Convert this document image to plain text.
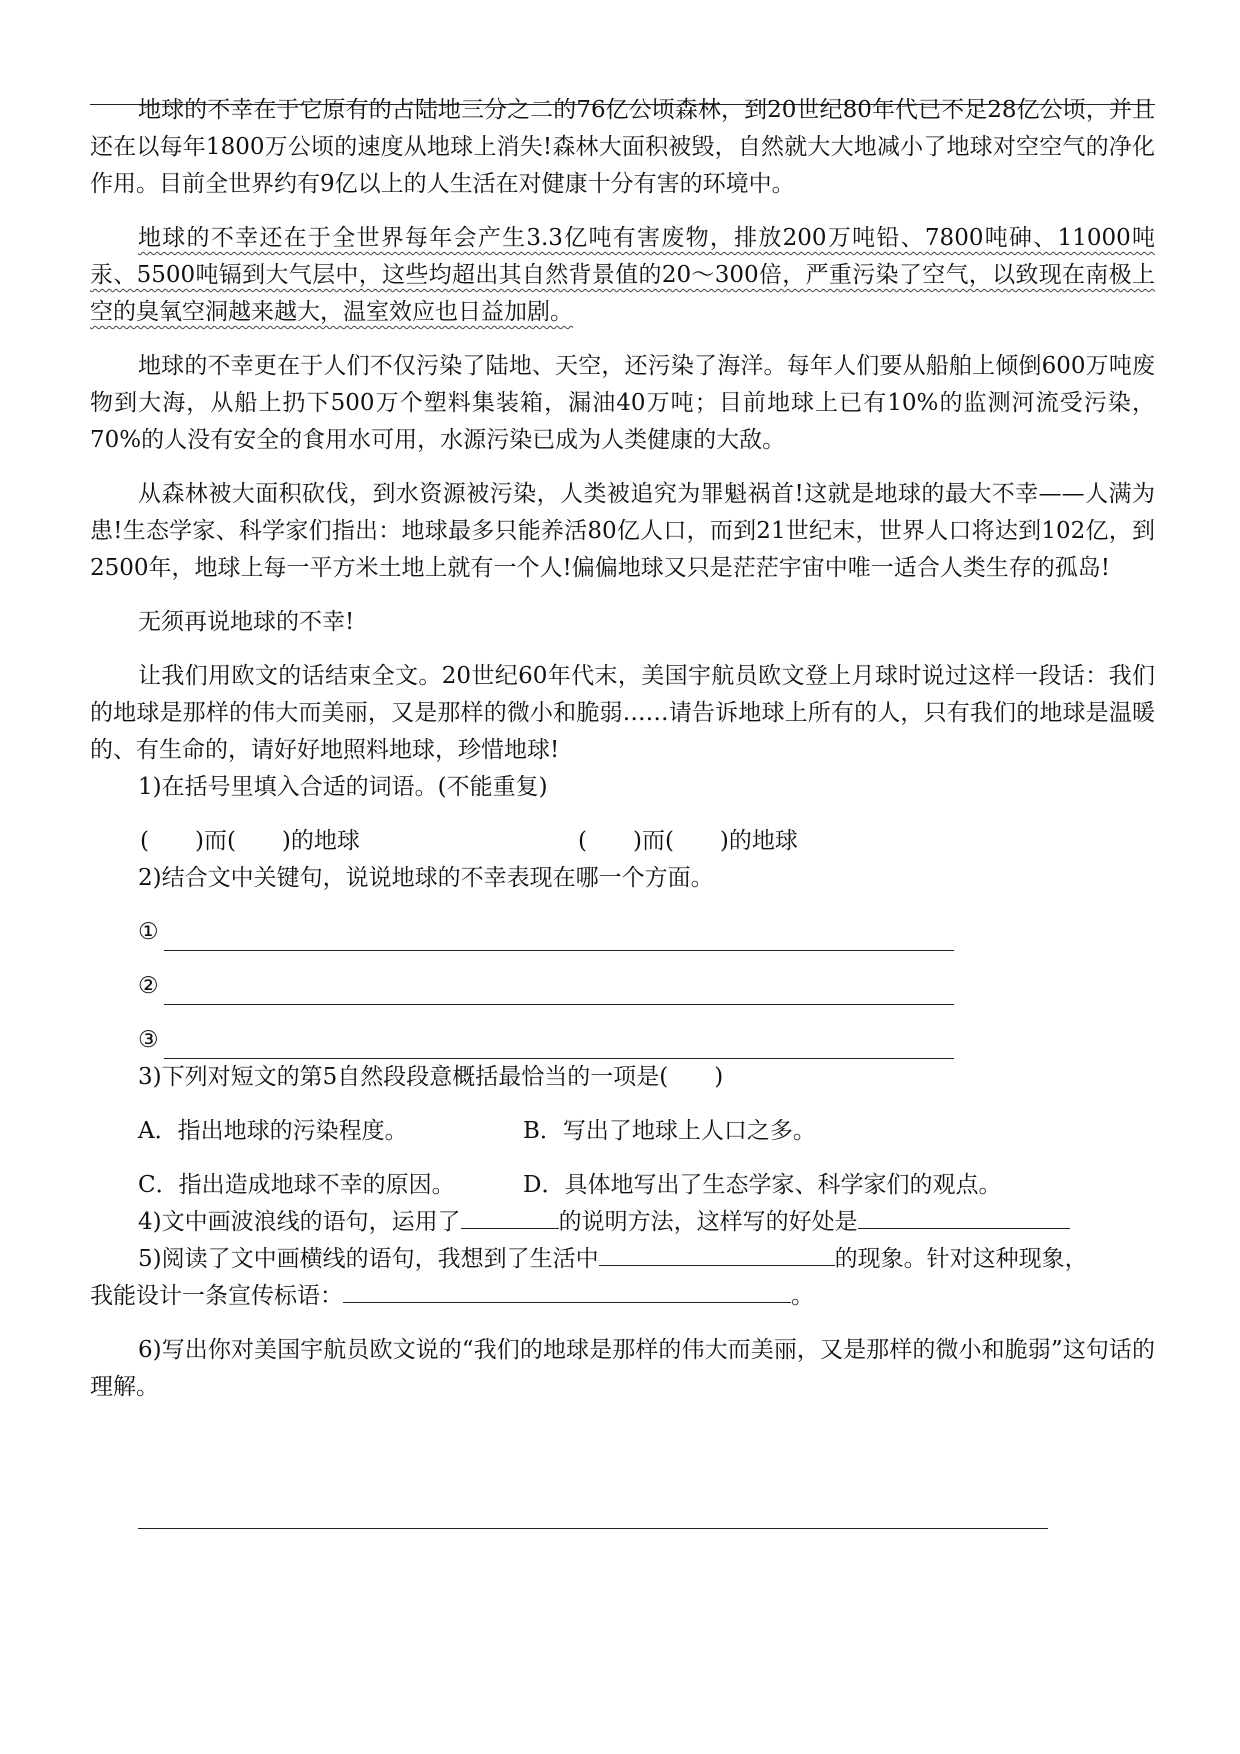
地球的不幸在于它原有的占陆地三分之二的76亿公顷森林，到20世纪80年代已不足28亿公顷，并且还在以每年1800万公顷的速度从地球上消失!森林大面积被毁，自然就大大地减小了地球对空空气的净化作用。目前全世界约有9亿以上的人生活在对健康十分有害的环境中。

地球的不幸还在于全世界每年会产生3.3亿吨有害废物，排放200万吨铅、7800吨砷、11000吨汞、5500吨镉到大气层中，这些均超出其自然背景值的20～300倍，严重污染了空气，以致现在南极上空的臭氧空洞越来越大，温室效应也日益加剧。

地球的不幸更在于人们不仅污染了陆地、天空，还污染了海洋。每年人们要从船舶上倾倒600万吨废物到大海，从船上扔下500万个塑料集装箱，漏油40万吨；目前地球上已有10%的监测河流受污染，70%的人没有安全的食用水可用，水源污染已成为人类健康的大敌。

从森林被大面积砍伐，到水资源被污染，人类被追究为罪魁祸首!这就是地球的最大不幸——人满为患!生态学家、科学家们指出：地球最多只能养活80亿人口，而到21世纪末，世界人口将达到102亿，到2500年，地球上每一平方米土地上就有一个人!偏偏地球又只是茫茫宇宙中唯一适合人类生存的孤岛!

无须再说地球的不幸!

让我们用欧文的话结束全文。20世纪60年代末，美国宇航员欧文登上月球时说过这样一段话：我们的地球是那样的伟大而美丽，又是那样的微小和脆弱……请告诉地球上所有的人，只有我们的地球是温暖的、有生命的，请好好地照料地球，珍惜地球!

1)在括号里填入合适的词语。(不能重复)

(　　)而(　　)的地球	(　　)而(　　)的地球

2)结合文中关键句，说说地球的不幸表现在哪一个方面。

①
②
③

3)下列对短文的第5自然段段意概括最恰当的一项是(　　)

A．指出地球的污染程度。	B．写出了地球上人口之多。
C．指出造成地球不幸的原因。	D．具体地写出了生态学家、科学家们的观点。

4)文中画波浪线的语句，运用了	的说明方法，这样写的好处是

5)阅读了文中画横线的语句，我想到了生活中	的现象。针对这种现象，

我能设计一条宣传标语：	。

6)写出你对美国宇航员欧文说的“我们的地球是那样的伟大而美丽，又是那样的微小和脆弱”这句话的理解。
